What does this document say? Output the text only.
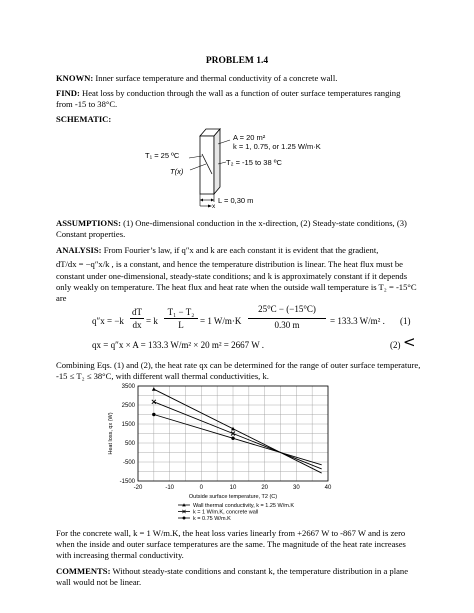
PROBLEM 1.4
KNOWN: Inner surface temperature and thermal conductivity of a concrete wall.
FIND: Heat loss by conduction through the wall as a function of outer surface temperatures ranging
from -15 to 38°C.
SCHEMATIC:
A = 20 m²
k = 1, 0.75, or 1.25 W/m·K
T₁ = 25 ºC
T₂ = -15 to 38 ºC
T(x)
L = 0,30 m
x
ASSUMPTIONS: (1) One-dimensional conduction in the x-direction, (2) Steady-state conditions, (3)
Constant properties.
ANALYSIS: From Fourier’s law, if q″x and k are each constant it is evident that the gradient,
dT/dx = −q″x/k , is a constant, and hence the temperature distribution is linear. The heat flux must be
constant under one-dimensional, steady-state conditions; and k is approximately constant if it depends
only weakly on temperature. The heat flux and heat rate when the outside wall temperature is T₂ = -15°C
are
q″x = −k
dT
dx = k
T₁ − T₂
L	= 1 W/m·K
25°C − (−15°C)
0.30 m	= 133.3 W/m² . (1)
qx = q″x × A = 133.3 W/m² × 20 m² = 2667 W .	(2) <
Combining Eqs. (1) and (2), the heat rate qx can be determined for the range of outer surface temperature,
-15 ≤ T₂ ≤ 38°C, with different wall thermal conductivities, k.
-20	-10	0	10	20	30	40
-1500
-500
500
1500
2500
3500
Heat loss, qx (W)
Outside surface temperature, T2 (C)
Wall thermal conductivity, k = 1.25 W/m.K
k = 1 W/m.K, concrete wall
k = 0.75 W/m.K
For the concrete wall, k = 1 W/m.K, the heat loss varies linearly from +2667 W to -867 W and is zero
when the inside and outer surface temperatures are the same. The magnitude of the heat rate increases
with increasing thermal conductivity.
COMMENTS: Without steady-state conditions and constant k, the temperature distribution in a plane
wall would not be linear.
